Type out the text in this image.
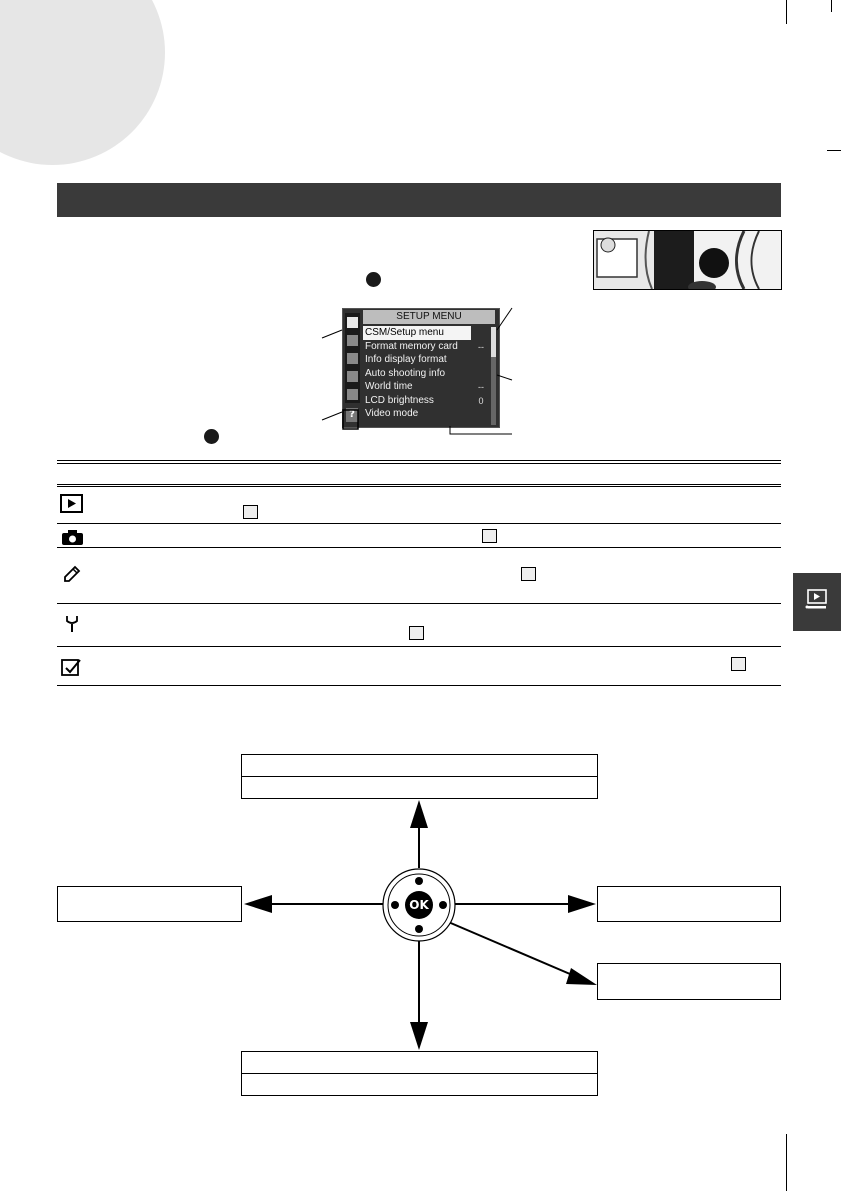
?
SETUP MENU
CSM/Setup menu
Format memory card
Info display format
Auto shooting info
World time
LCD brightness
Video mode
--
--
0
OK
